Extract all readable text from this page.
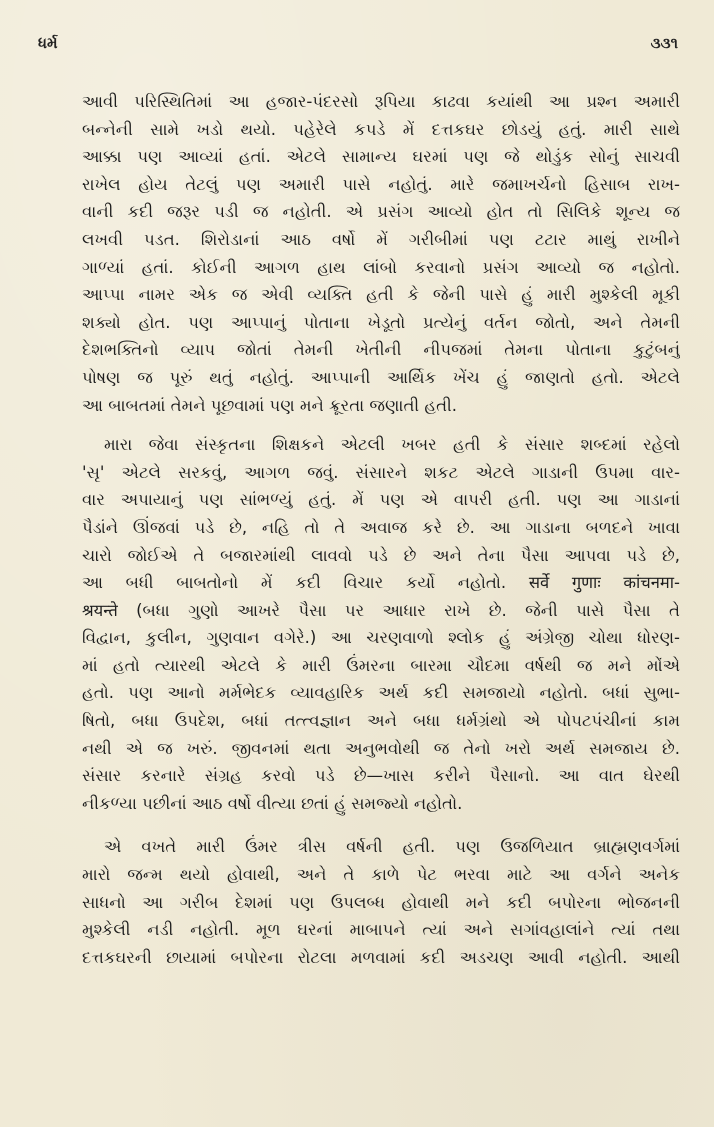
ધર્મ	૩૩૧

આવી પરિસ્થિતિમાં આ હજાર-પંદરસો રૂપિયા કાઢવા કયાંથી આ પ્રશ્ન અમારી
બન્નેની સામે ખડો થયો. પહેરેલે કપડે મેં દત્તકઘર છોડયું હતું. મારી સાથે
આક્કા પણ આવ્યાં હતાં. એટલે સામાન્ય ઘરમાં પણ જે થોડુંક સોનું સાચવી
રાખેલ હોય તેટલું પણ અમારી પાસે નહોતું. મારે જમાખર્ચનો હિસાબ રાખ-
વાની કદી જરૂર પડી જ નહોતી. એ પ્રસંગ આવ્યો હોત તો સિલિકે શૂન્ય જ
લખવી પડત. શિરોડાનાં આઠ વર્ષો મેં ગરીબીમાં પણ ટટાર માથું રાખીને
ગાળ્યાં હતાં. કોઈની આગળ હાથ લાંબો કરવાનો પ્રસંગ આવ્યો જ નહોતો.
આપ્પા નામર એક જ એવી વ્યક્તિ હતી કે જેની પાસે હું મારી મુશ્કેલી મૂકી
શક્યો હોત. પણ આપ્પાનું પોતાના ખેડૂતો પ્રત્યેનું વર્તન જોતો, અને તેમની
દેશભક્તિનો વ્યાપ જોતાં તેમની ખેતીની નીપજમાં તેમના પોતાના કુટુંબનું
પોષણ જ પૂરું થતું નહોતું. આપ્પાની આર્થિક ખેંચ હું જાણતો હતો. એટલે
આ બાબતમાં તેમને પૂછવામાં પણ મને ક્રૂરતા જણાતી હતી.

મારા જેવા સંસ્કૃતના શિક્ષકને એટલી ખબર હતી કે સંસાર શબ્દમાં રહેલો
'સૃ' એટલે સરકવું, આગળ જવું. સંસારને શકટ એટલે ગાડાની ઉપમા વાર-
વાર અપાયાનું પણ સાંભળ્યું હતું. મેં પણ એ વાપરી હતી. પણ આ ગાડાનાં
પૈડાંને ઊંજવાં પડે છે, નહિ તો તે અવાજ કરે છે. આ ગાડાના બળદને ખાવા
ચારો જોઈએ તે બજારમાંથી લાવવો પડે છે અને તેના પૈસા આપવા પડે છે,
આ બધી બાબતોનો મેં કદી વિચાર કર્યો નહોતો. सर्वे गुणाः कांचनमा-
श्रयन्ते (બધા ગુણો આખરે પૈસા પર આધાર રાખે છે. જેની પાસે પૈસા તે
વિદ્વાન, કુલીન, ગુણવાન વગેરે.) આ ચરણવાળો શ્લોક હું અંગ્રેજી ચોથા ધોરણ-
માં હતો ત્યારથી એટલે કે મારી ઉંમરના બારમા ચૌદમા વર્ષથી જ મને મોંએ
હતો. પણ આનો મર્મભેદક વ્યાવહારિક અર્થ કદી સમજાયો નહોતો. બધાં સુભા-
ષિતો, બધા ઉપદેશ, બધાં તત્ત્વજ્ઞાન અને બધા ધર્મગ્રંથો એ પોપટપંચીનાં કામ
નથી એ જ ખરું. જીવનમાં થતા અનુભવોથી જ તેનો ખરો અર્થ સમજાય છે.
સંસાર કરનારે સંગ્રહ કરવો પડે છે—ખાસ કરીને પૈસાનો. આ વાત ઘેરથી
નીકળ્યા પછીનાં આઠ વર્ષો વીત્યા છતાં હું સમજ્યો નહોતો.

એ વખતે મારી ઉંમર ત્રીસ વર્ષની હતી. પણ ઉજળિયાત બ્રાહ્મણવર્ગમાં
મારો જન્મ થયો હોવાથી, અને તે કાળે પેટ ભરવા માટે આ વર્ગને અનેક
સાધનો આ ગરીબ દેશમાં પણ ઉપલબ્ધ હોવાથી મને કદી બપોરના ભોજનની
મુશ્કેલી નડી નહોતી. મૂળ ઘરનાં માબાપને ત્યાં અને સગાંવહાલાંને ત્યાં તથા
દત્તકઘરની છાયામાં બપોરના રોટલા મળવામાં કદી અડચણ આવી નહોતી. આથી
